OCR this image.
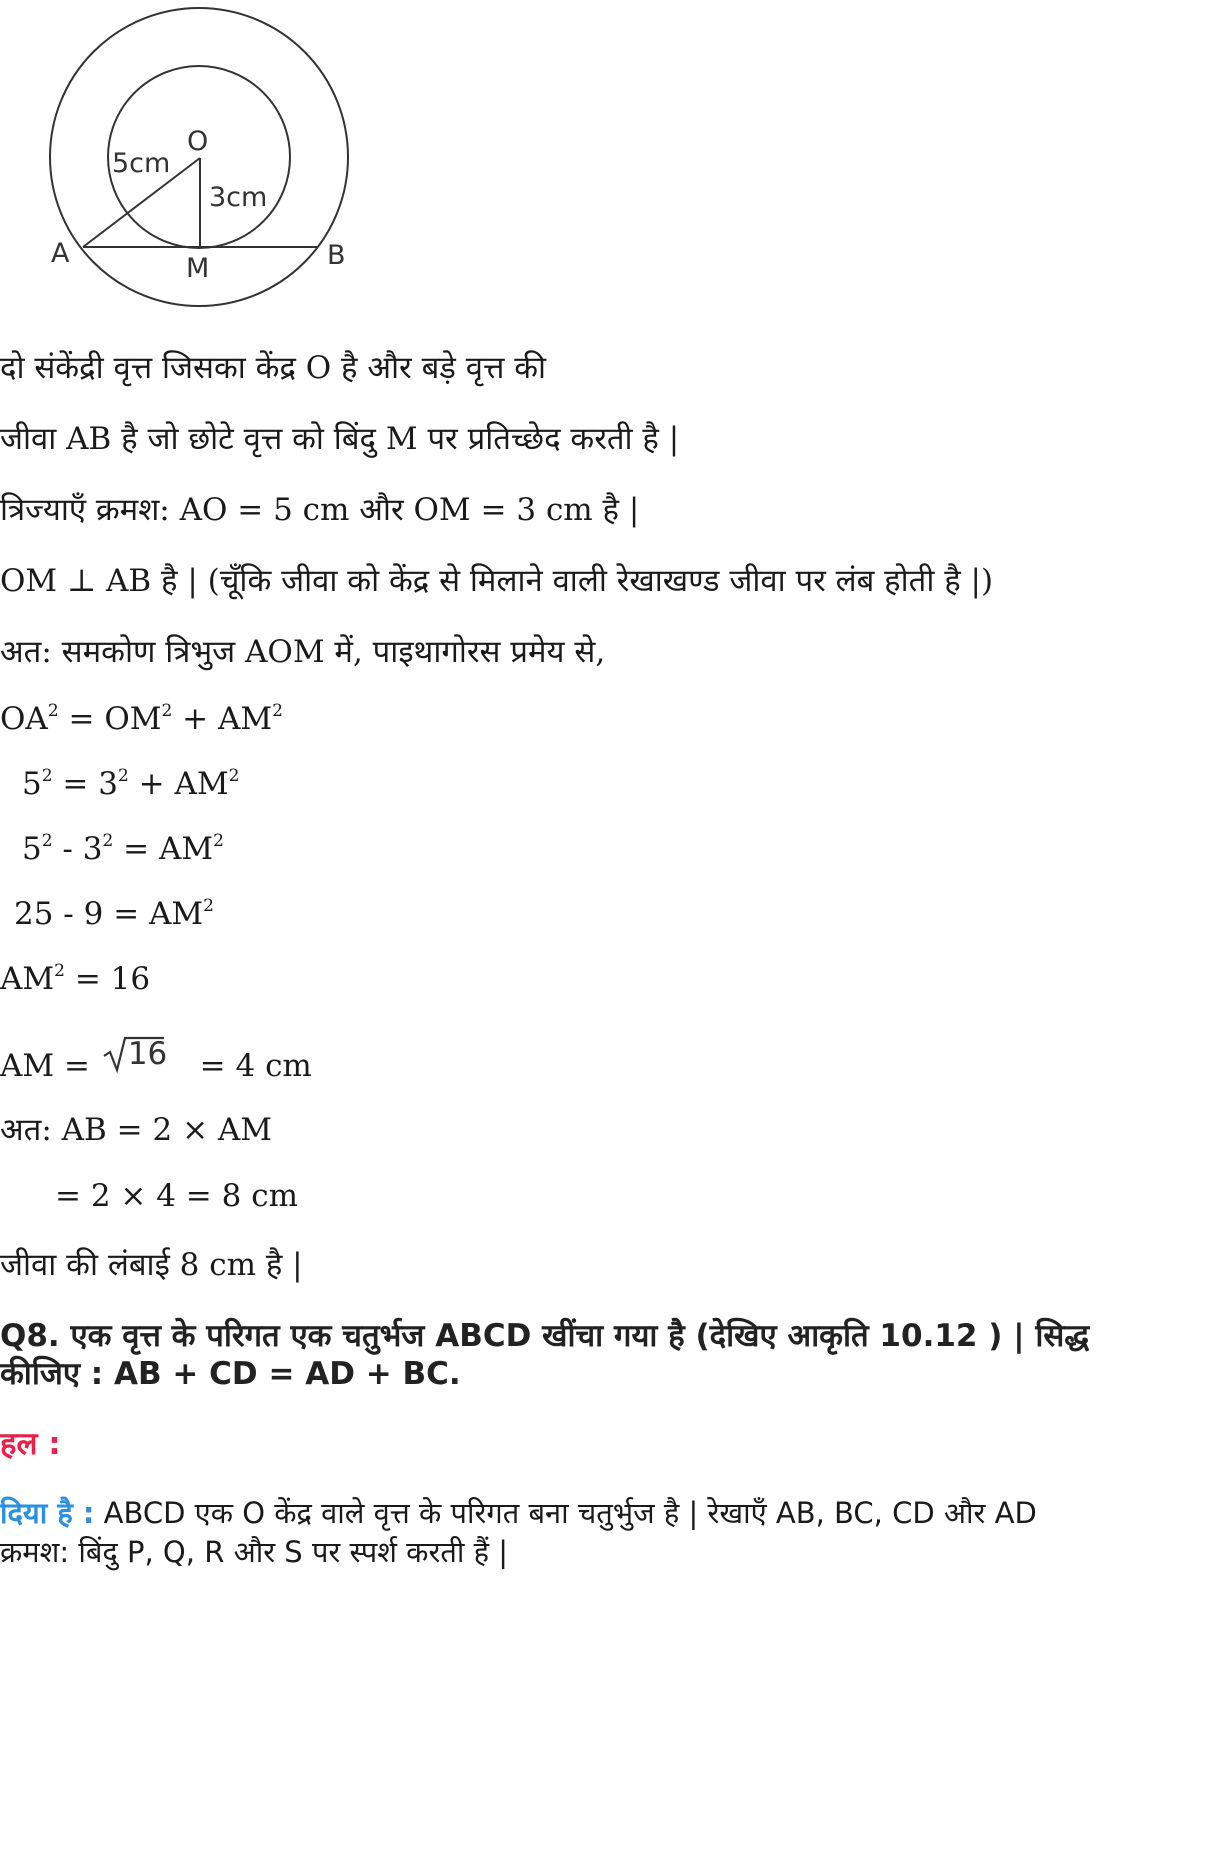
O
A	M	B
5cm
3cm
दो संकेंद्री वृत्त जिसका केंद्र O है और बड़े वृत्त की
जीवा AB है जो छोटे वृत्त को बिंदु M पर प्रतिच्छेद करती है |
त्रिज्याएँ क्रमश: AO = 5 cm और OM = 3 cm है |
OM ⊥ AB है | (चूँकि जीवा को केंद्र से मिलाने वाली रेखाखण्ड जीवा पर लंब होती है |)
अत: समकोण त्रिभुज AOM में, पाइथागोरस प्रमेय से,
$OA^2 = OM^2 + AM^2$
$5^2 = 3^2 + AM^2$
$5^2 - 3^2 = AM^2$
$25 - 9 = AM^2$
$AM^2 = 16$
AM = 16 = 4 cm
अत: AB = 2 × AM
= 2 × 4 = 8 cm
जीवा की लंबाई 8 cm है |
Q8. एक वृत्त के परिगत एक चतुर्भज ABCD खींचा गया है (देखिए आकृति 10.12 ) | सिद्ध
कीजिए : AB + CD = AD + BC.
हल :
दिया है : ABCD एक O केंद्र वाले वृत्त के परिगत बना चतुर्भुज है | रेखाएँ AB, BC, CD और AD
क्रमश: बिंदु P, Q, R और S पर स्पर्श करती हैं |
